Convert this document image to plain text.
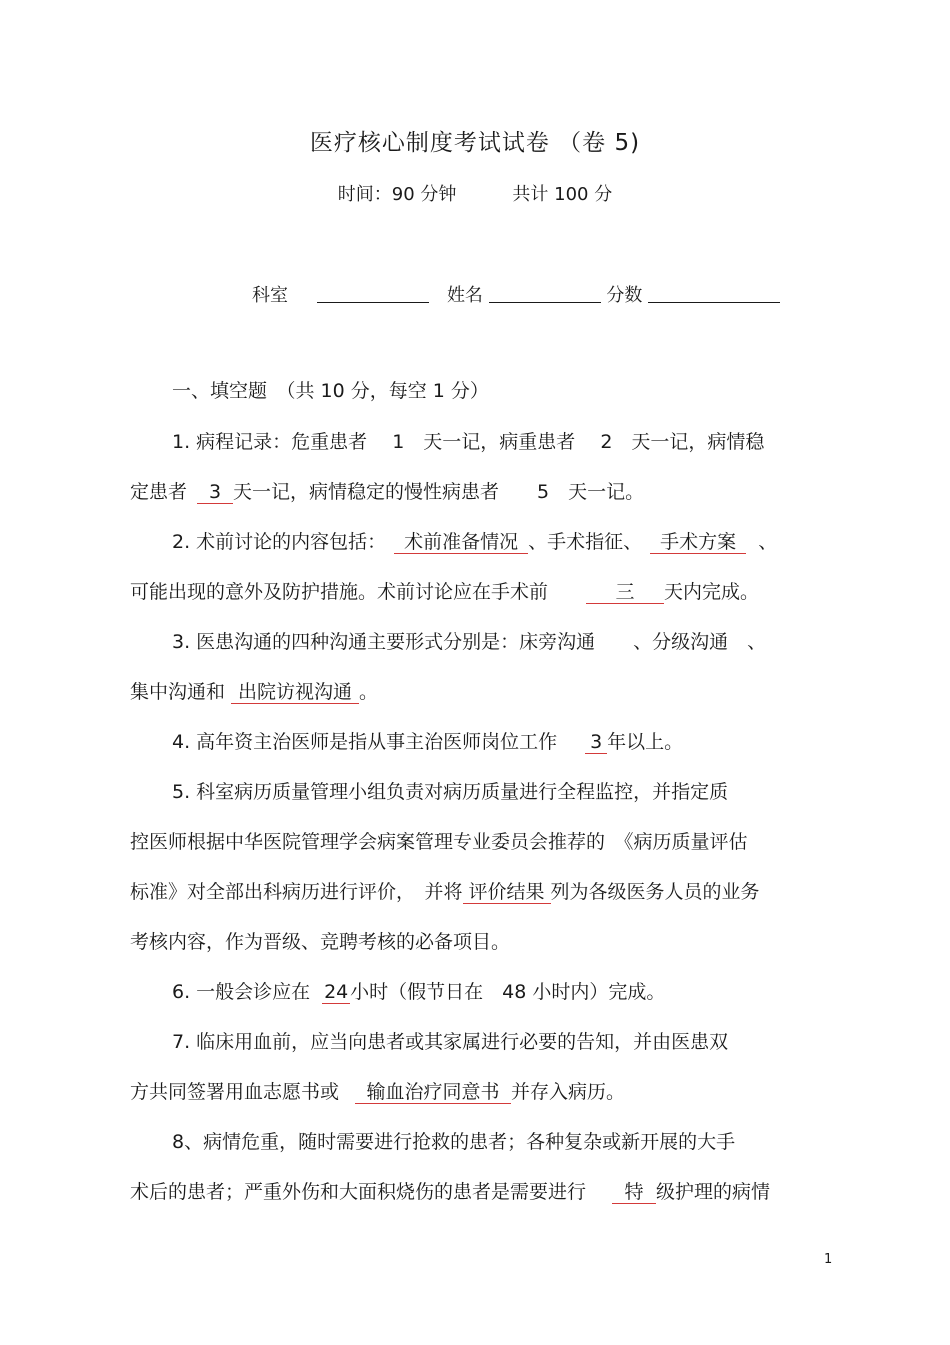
医疗核心制度考试试卷 （卷 5)
时间：90 分钟	共计 100 分
科室	姓名	分数
一、填空题　（共 10 分，每空 1 分）
1. 病程记录：危重患者　 1　天一记，病重患者　 2　天一记，病情稳
定患者 3 天一记，病情稳定的慢性病患者　　5　天一记。
2. 术前讨论的内容包括： 术前准备情况 、手术指征、 手术方案 、
可能出现的意外及防护措施。术前讨论应在手术前	三 天内完成。
3. 医患沟通的四种沟通主要形式分别是：床旁沟通　　、分级沟通　、
集中沟通和 出院访视沟通 。
4. 高年资主治医师是指从事主治医师岗位工作 3 年以上。
5. 科室病历质量管理小组负责对病历质量进行全程监控，并指定质
控医师根据中华医院管理学会病案管理专业委员会推荐的　《病历质量评估
标准》对全部出科病历进行评价，　并将 评价结果 列为各级医务人员的业务
考核内容，作为晋级、竞聘考核的必备项目。
6. 一般会诊应在 24 小时（假节日在　48 小时内）完成。
7. 临床用血前，应当向患者或其家属进行必要的告知，并由医患双
方共同签署用血志愿书或 输血治疗同意书 并存入病历。
8、病情危重，随时需要进行抢救的患者；各种复杂或新开展的大手
术后的患者；严重外伤和大面积烧伤的患者是需要进行 特 级护理的病情
1
